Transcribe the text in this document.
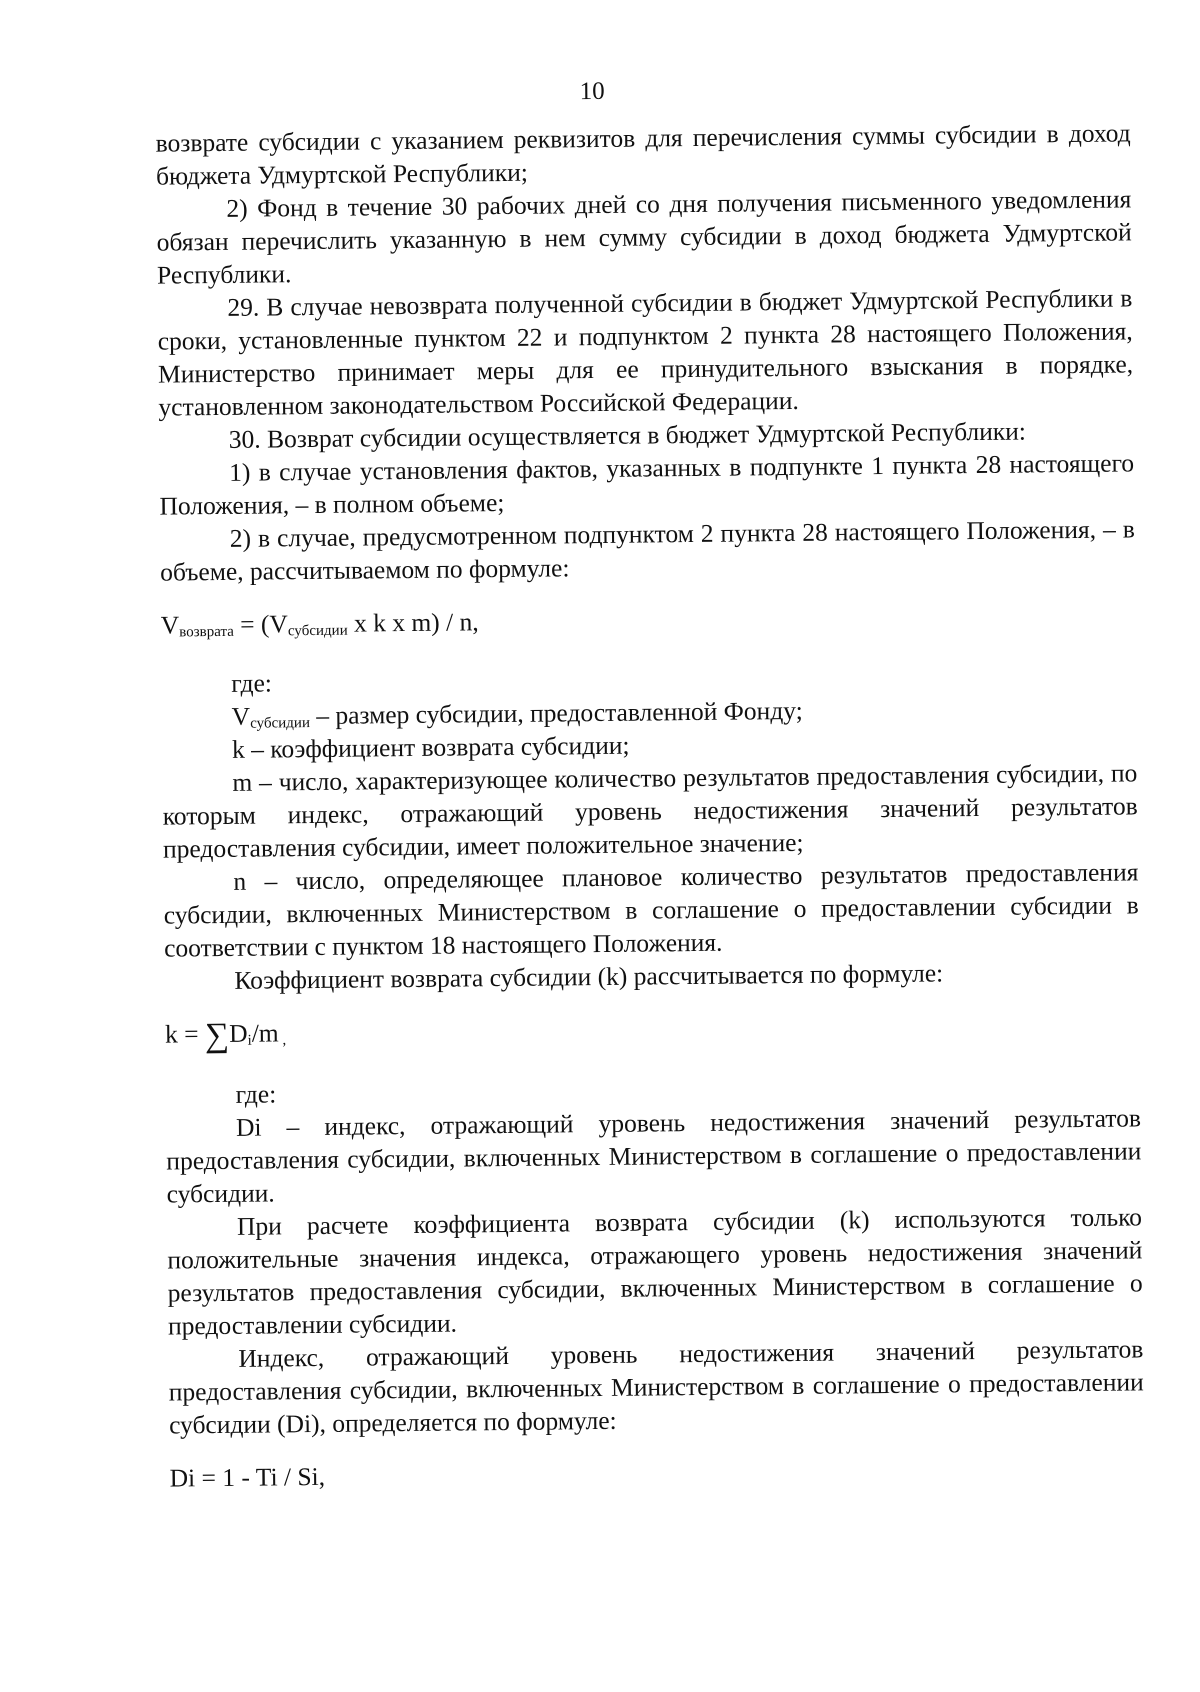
10

возврате субсидии с указанием реквизитов для перечисления суммы субсидии в доход бюджета Удмуртской Республики;

2) Фонд в течение 30 рабочих дней со дня получения письменного уведомления обязан перечислить указанную в нем сумму субсидии в доход бюджета Удмуртской Республики.

29. В случае невозврата полученной субсидии в бюджет Удмуртской Республики в сроки, установленные пунктом 22 и подпунктом 2 пункта 28 настоящего Положения, Министерство принимает меры для ее принудительного взыскания в порядке, установленном законодательством Российской Федерации.

30. Возврат субсидии осуществляется в бюджет Удмуртской Республики:

1) в случае установления фактов, указанных в подпункте 1 пункта 28 настоящего Положения, – в полном объеме;

2) в случае, предусмотренном подпунктом 2 пункта 28 настоящего Положения, – в объеме, рассчитываемом по формуле:

$V_{возврата} = (V_{субсидии}$ x k x m) / n,

где:

$V_{субсидии}$ – размер субсидии, предоставленной Фонду;

k – коэффициент возврата субсидии;

m – число, характеризующее количество результатов предоставления субсидии, по которым индекс, отражающий уровень недостижения значений результатов предоставления субсидии, имеет положительное значение;

n – число, определяющее плановое количество результатов предоставления субсидии, включенных Министерством в соглашение о предоставлении субсидии в соответствии с пунктом 18 настоящего Положения.

Коэффициент возврата субсидии (k) рассчитывается по формуле:

$k = \sum D_i/m$ $_,$

где:

Di – индекс, отражающий уровень недостижения значений результатов предоставления субсидии, включенных Министерством в соглашение о предоставлении субсидии.

При расчете коэффициента возврата субсидии (k) используются только положительные значения индекса, отражающего уровень недостижения значений результатов предоставления субсидии, включенных Министерством в соглашение о предоставлении субсидии.

Индекс, отражающий уровень недостижения значений результатов предоставления субсидии, включенных Министерством в соглашение о предоставлении субсидии (Di), определяется по формуле:

Di = 1 - Ti / Si,
